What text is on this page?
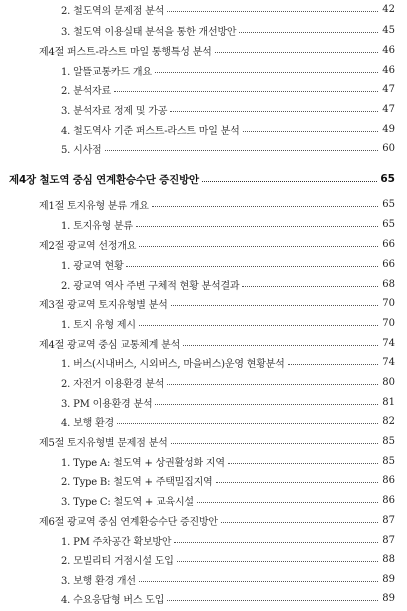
2. 철도역의 문제점 분석	42
3. 철도역 이용실태 분석을 통한 개선방안	45
제4절 퍼스트-라스트 마일 통행특성 분석	46
1. 알뜰교통카드 개요	46
2. 분석자료	47
3. 분석자료 정제 및 가공	47
4. 철도역사 기준 퍼스트-라스트 마일 분석	49
5. 시사점	60
제4장 철도역 중심 연계환승수단 증진방안	65
제1절 토지유형 분류 개요	65
1. 토지유형 분류	65
제2절 광교역 선정개요	66
1. 광교역 현황	66
2. 광교역 역사 주변 구체적 현황 분석결과	68
제3절 광교역 토지유형별 분석	70
1. 토지 유형 제시	70
제4절 광교역 중심 교통체계 분석	74
1. 버스(시내버스, 시외버스, 마을버스)운영 현황분석	74
2. 자전거 이용환경 분석	80
3. PM 이용환경 분석	81
4. 보행 환경	82
제5절 토지유형별 문제점 분석	85
1. Type A: 철도역 + 상권활성화 지역	85
2. Type B: 철도역 + 주택밀집지역	86
3. Type C: 철도역 + 교육시설	86
제6절 광교역 중심 연계환승수단 증진방안	87
1. PM 주차공간 확보방안	87
2. 모빌리티 거점시설 도입	88
3. 보행 환경 개선	89
4. 수요응답형 버스 도입	89
